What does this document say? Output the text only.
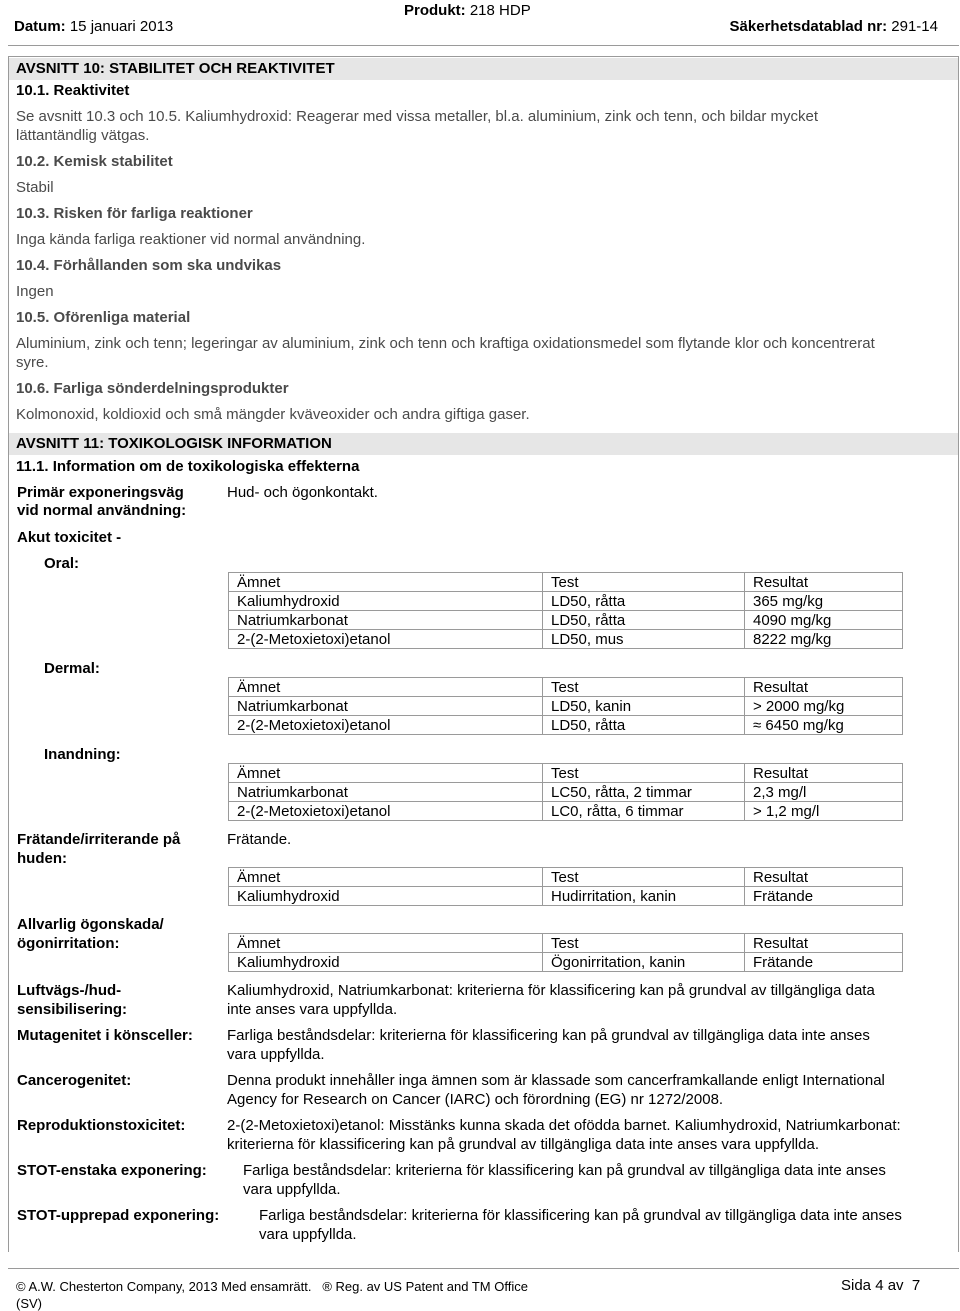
Datum: 15 januari 2013
Produkt: 218 HDP
Säkerhetsdatablad nr: 291-14
AVSNITT 10: STABILITET OCH REAKTIVITET
10.1. Reaktivitet
Se avsnitt 10.3 och 10.5. Kaliumhydroxid: Reagerar med vissa metaller, bl.a. aluminium, zink och tenn, och bildar mycket
lättantändlig vätgas.
10.2. Kemisk stabilitet
Stabil
10.3. Risken för farliga reaktioner
Inga kända farliga reaktioner vid normal användning.
10.4. Förhållanden som ska undvikas
Ingen
10.5. Oförenliga material
Aluminium, zink och tenn; legeringar av aluminium, zink och tenn och kraftiga oxidationsmedel som flytande klor och koncentrerat
syre.
10.6. Farliga sönderdelningsprodukter
Kolmonoxid, koldioxid och små mängder kväveoxider och andra giftiga gaser.
AVSNITT 11: TOXIKOLOGISK INFORMATION
11.1. Information om de toxikologiska effekterna
Primär exponeringsväg
vid normal användning:
Hud- och ögonkontakt.
Akut toxicitet -
Oral:
Ämnet	Test	Resultat
Kaliumhydroxid	LD50, råtta	365 mg/kg
Natriumkarbonat	LD50, råtta	4090 mg/kg
2-(2-Metoxietoxi)etanol	LD50, mus	8222 mg/kg
Dermal:
Ämnet	Test	Resultat
Natriumkarbonat	LD50, kanin	> 2000 mg/kg
2-(2-Metoxietoxi)etanol	LD50, råtta	≈ 6450 mg/kg
Inandning:
Ämnet	Test	Resultat
Natriumkarbonat	LC50, råtta, 2 timmar	2,3 mg/l
2-(2-Metoxietoxi)etanol	LC0, råtta, 6 timmar	> 1,2 mg/l
Frätande/irriterande på
huden:
Frätande.
Ämnet	Test	Resultat
Kaliumhydroxid	Hudirritation, kanin	Frätande
Allvarlig ögonskada/
ögonirritation:	Ämnet	Test	Resultat
Kaliumhydroxid	Ögonirritation, kanin	Frätande
Luftvägs-/hud-
sensibilisering:
Kaliumhydroxid, Natriumkarbonat: kriterierna för klassificering kan på grundval av tillgängliga data
inte anses vara uppfyllda.
Mutagenitet i könsceller: Farliga beståndsdelar: kriterierna för klassificering kan på grundval av tillgängliga data inte anses
vara uppfyllda.
Cancerogenitet:	Denna produkt innehåller inga ämnen som är klassade som cancerframkallande enligt International
Agency for Research on Cancer (IARC) och förordning (EG) nr 1272/2008.
Reproduktionstoxicitet:	2-(2-Metoxietoxi)etanol: Misstänks kunna skada det ofödda barnet. Kaliumhydroxid, Natriumkarbonat:
kriterierna för klassificering kan på grundval av tillgängliga data inte anses vara uppfyllda.
STOT-enstaka exponering: Farliga beståndsdelar: kriterierna för klassificering kan på grundval av tillgängliga data inte anses
vara uppfyllda.
STOT-upprepad exponering:	Farliga beståndsdelar: kriterierna för klassificering kan på grundval av tillgängliga data inte anses
vara uppfyllda.
© A.W. Chesterton Company, 2013 Med ensamrätt.   ® Reg. av US Patent and TM Office
(SV)
Sida 4 av  7
